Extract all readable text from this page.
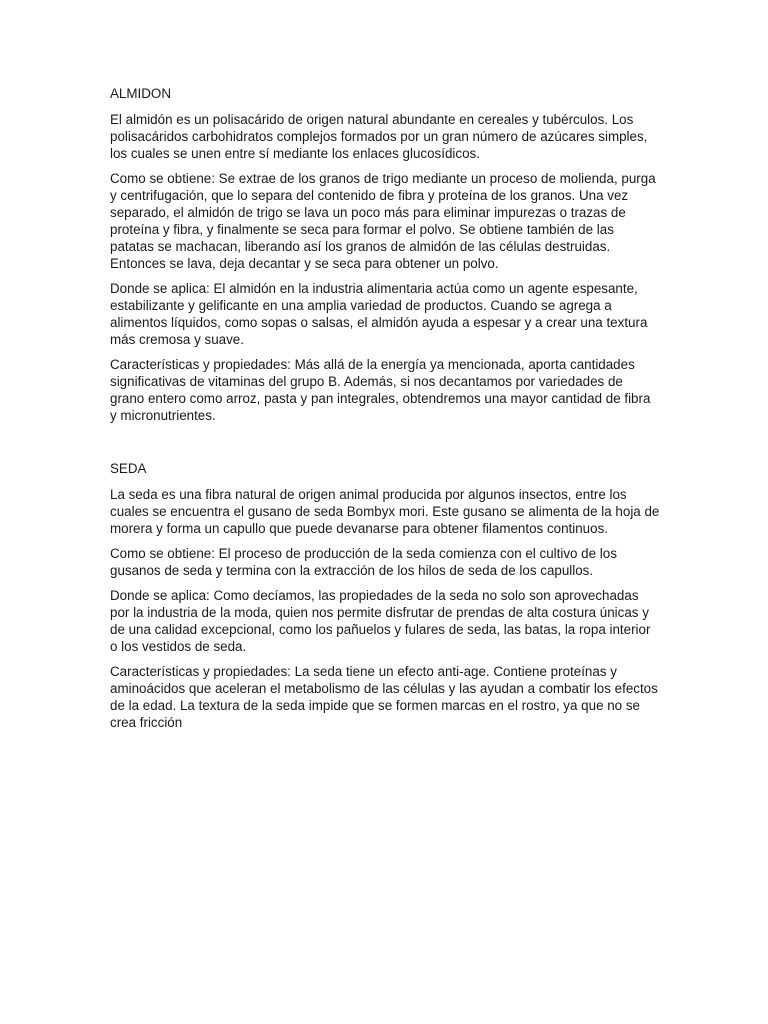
ALMIDON

El almidón es un polisacárido de origen natural abundante en cereales y tubérculos. Los polisacáridos carbohidratos complejos formados por un gran número de azúcares simples, los cuales se unen entre sí mediante los enlaces glucosídicos.

Como se obtiene: Se extrae de los granos de trigo mediante un proceso de molienda, purga y centrifugación, que lo separa del contenido de fibra y proteína de los granos. Una vez separado, el almidón de trigo se lava un poco más para eliminar impurezas o trazas de proteína y fibra, y finalmente se seca para formar el polvo. Se obtiene también de las patatas se machacan, liberando así los granos de almidón de las células destruidas. Entonces se lava, deja decantar y se seca para obtener un polvo.

Donde se aplica: El almidón en la industria alimentaria actúa como un agente espesante, estabilizante y gelificante en una amplia variedad de productos. Cuando se agrega a alimentos líquidos, como sopas o salsas, el almidón ayuda a espesar y a crear una textura más cremosa y suave.

Características y propiedades: Más allá de la energía ya mencionada, aporta cantidades significativas de vitaminas del grupo B. Además, si nos decantamos por variedades de grano entero como arroz, pasta y pan integrales, obtendremos una mayor cantidad de fibra y micronutrientes.

SEDA

La seda es una fibra natural de origen animal producida por algunos insectos, entre los cuales se encuentra el gusano de seda Bombyx mori. Este gusano se alimenta de la hoja de morera y forma un capullo que puede devanarse para obtener filamentos continuos.

Como se obtiene: El proceso de producción de la seda comienza con el cultivo de los gusanos de seda y termina con la extracción de los hilos de seda de los capullos.

Donde se aplica: Como decíamos, las propiedades de la seda no solo son aprovechadas por la industria de la moda, quien nos permite disfrutar de prendas de alta costura únicas y de una calidad excepcional, como los pañuelos y fulares de seda, las batas, la ropa interior o los vestidos de seda.

Características y propiedades: La seda tiene un efecto anti-age. Contiene proteínas y aminoácidos que aceleran el metabolismo de las células y las ayudan a combatir los efectos de la edad. La textura de la seda impide que se formen marcas en el rostro, ya que no se crea fricción
